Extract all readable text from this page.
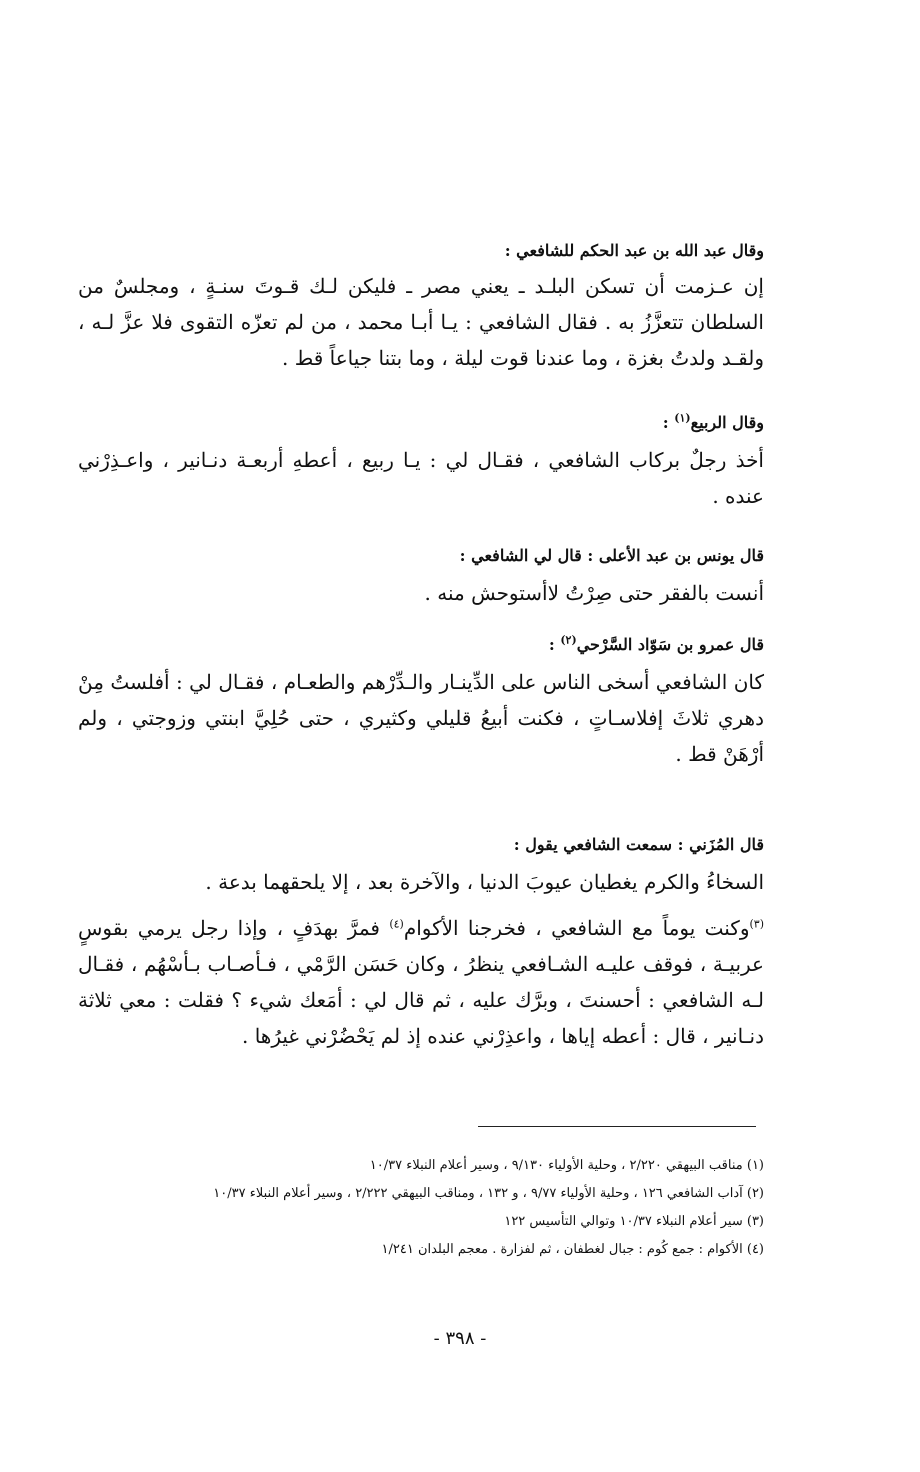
وقال عبد الله بن عبد الحكم للشافعي :
إن عـزمت أن تسكن البلـد ـ يعني مصر ـ فليكن لـك قـوتَ سنـةٍ ، ومجلسٌ من السلطان تتعزَّزُ به . فقال الشافعي : يـا أبـا محمد ، من لم تعزّه التقوى فلا عزَّ لـه ، ولقـد ولدتُ بغزة ، وما عندنا قوت ليلة ، وما بتنا جياعاً قط .
وقال الربيع$^{(١)}$ :
أخذ رجلٌ بركاب الشافعي ، فقـال لي : يـا ربيع ، أعطهِ أربعـة دنـانير ، واعـذِرْني عنده .
قال يونس بن عبد الأعلى : قال لي الشافعي :
أنست بالفقر حتى صِرْتُ لاأستوحش منه .
قال عمرو بن سَوّاد السَّرْحي$^{(٢)}$ :
كان الشافعي أسخى الناس على الدِّينـار والـدِّرْهم والطعـام ، فقـال لي : أفلستُ مِنْ دهري ثلاثَ إفلاسـاتٍ ، فكنت أبيعُ قليلي وكثيري ، حتى حُلِيَّ ابنتي وزوجتي ، ولم أرْهَنْ قط .
قال المُزَني : سمعت الشافعي يقول :
السخاءُ والكرم يغطيان عيوبَ الدنيا ، والآخرة بعد ، إلا يلحقهما بدعة .
$^{(٣)}$وكنت يوماً مع الشافعي ، فخرجنا الأكوام$^{(٤)}$ فمرَّ بهدَفٍ ، وإذا رجل يرمي بقوسٍ عربيـة ، فوقف عليـه الشـافعي ينظرُ ، وكان حَسَن الرَّمْي ، فـأصـاب بـأسْهُم ، فقـال لـه الشافعي : أحسنتَ ، وبرَّك عليه ، ثم قال لي : أمَعك شيء ؟ فقلت : معي ثلاثة دنـانير ، قال : أعطه إياها ، واعذِرْني عنده إذ لم يَحْضُرْني غيرُها .
(١) مناقب البيهقي ٢/٢٢٠ ، وحلية الأولياء ٩/١٣٠ ، وسير أعلام النبلاء ١٠/٣٧
(٢) آداب الشافعي ١٢٦ ، وحلية الأولياء ٩/٧٧ ، و ١٣٢ ، ومناقب البيهقي ٢/٢٢٢ ، وسير أعلام النبلاء ١٠/٣٧
(٣) سير أعلام النبلاء ١٠/٣٧ وتوالي التأسيس ١٢٢
(٤) الأكوام : جمع كُوم : جبال لغطفان ، ثم لفزارة . معجم البلدان ١/٢٤١
- ٣٩٨ -
